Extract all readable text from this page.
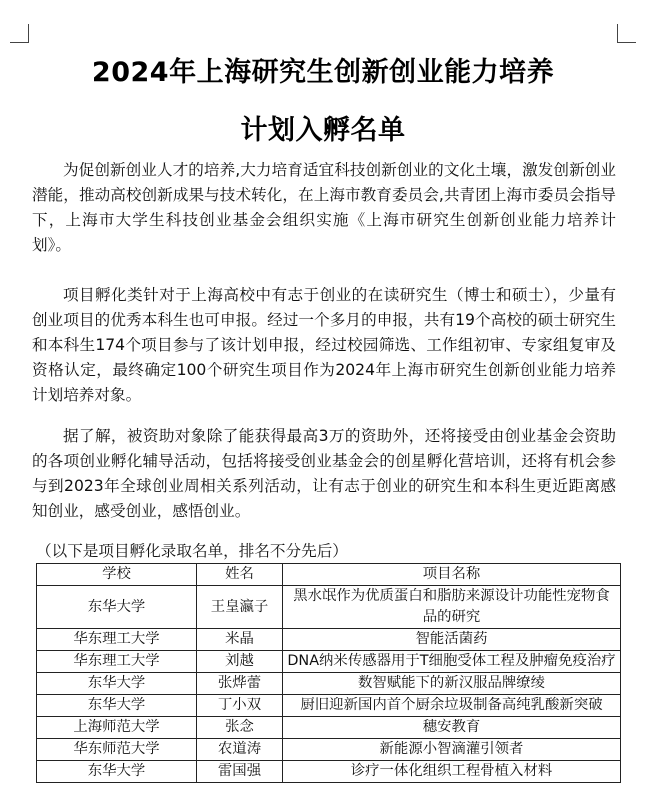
2024年上海研究生创新创业能力培养
计划入孵名单

为促创新创业人才的培养,大力培育适宜科技创新创业的文化土壤，激发创新创业潜能，推动高校创新成果与技术转化，在上海市教育委员会,共青团上海市委员会指导下，上海市大学生科技创业基金会组织实施《上海市研究生创新创业能力培养计划》。

项目孵化类针对于上海高校中有志于创业的在读研究生（博士和硕士），少量有创业项目的优秀本科生也可申报。经过一个多月的申报，共有19个高校的硕士研究生和本科生174个项目参与了该计划申报，经过校园筛选、工作组初审、专家组复审及资格认定，最终确定100个研究生项目作为2024年上海市研究生创新创业能力培养计划培养对象。

据了解，被资助对象除了能获得最高3万的资助外，还将接受由创业基金会资助的各项创业孵化辅导活动，包括将接受创业基金会的创星孵化营培训，还将有机会参与到2023年全球创业周相关系列活动，让有志于创业的研究生和本科生更近距离感知创业，感受创业，感悟创业。

（以下是项目孵化录取名单，排名不分先后）
学校	姓名	项目名称
东华大学	王皇瀛子	黑水氓作为优质蛋白和脂肪来源设计功能性宠物食品的研究
华东理工大学	米晶	智能活菌药
华东理工大学	刘越	DNA纳米传感器用于T细胞受体工程及肿瘤免疫治疗
东华大学	张烨蕾	数智赋能下的新汉服品牌缭绫
东华大学	丁小双	厨旧迎新国内首个厨余垃圾制备高纯乳酸新突破
上海师范大学	张念	穗安教育
华东师范大学	农道涛	新能源小智滴灌引领者
东华大学	雷国强	诊疗一体化组织工程骨植入材料
